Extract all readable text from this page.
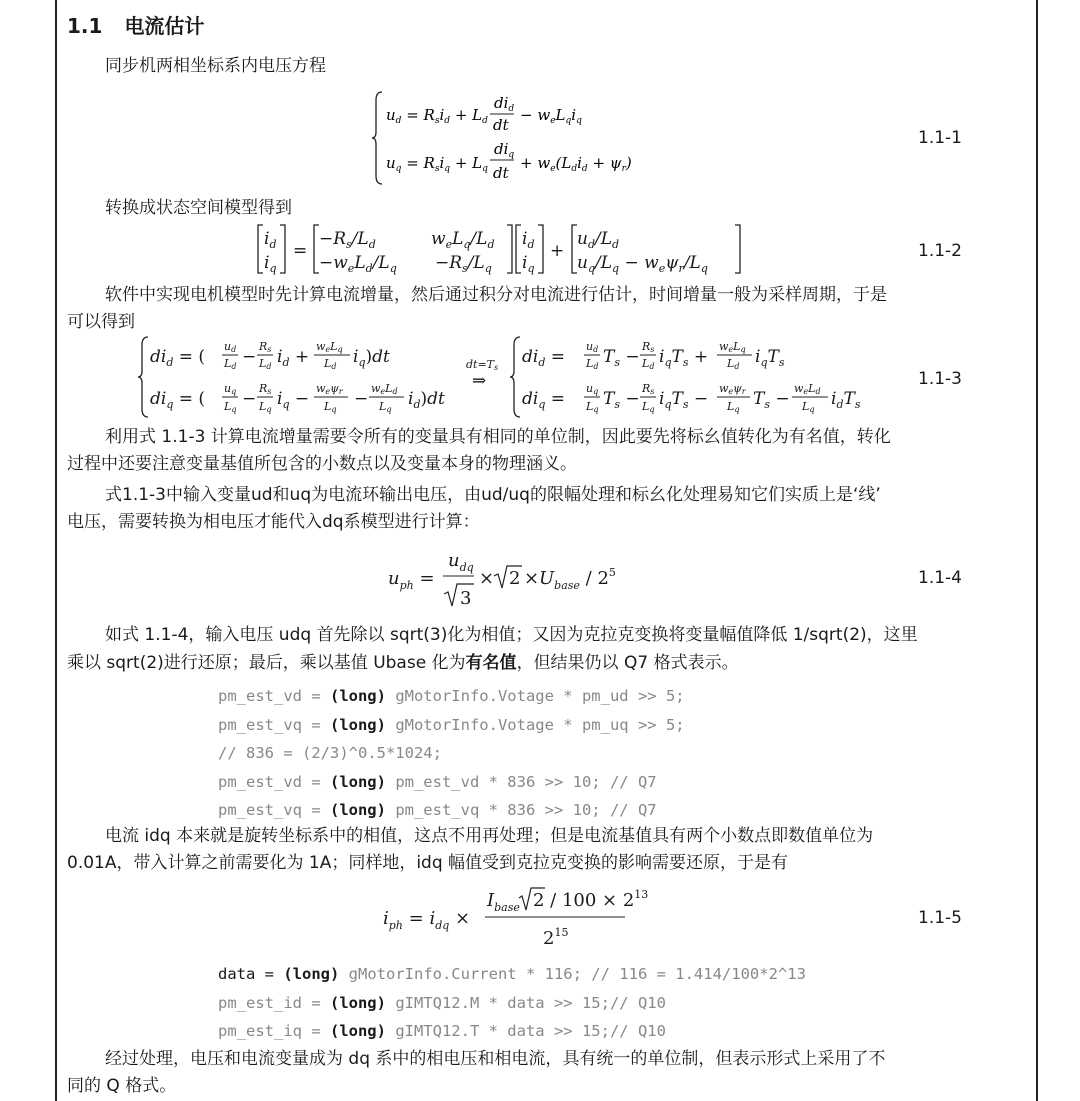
1.1 电流估计
同步机两相坐标系内电压方程
$u_d = R_si_d + L_d$
$di_d$
dt
− $w_eL_qi_q$
$u_q = R_si_q + L_q$
$di_q$
dt
+ $w_e(L_di_d + \psi_r)$
1.1-1
转换成状态空间模型得到
$i_d$
$i_q$
=
$-R_s/L_d$	$w_eL_q/L_d$
$-w_eL_d/L_q -R_s/L_q$
$i_d$
$i_q$
+
$u_d/L_d$
$u_q/L_q - w_e\psi_r/L_q$
1.1-2
软件中实现电机模型时先计算电流增量，然后通过积分对电流进行估计，时间增量一般为采样周期，于是
可以得到
$di_d$ = (
ud
Ld −
Rs
Ld $i_d$ +
weLq
Ld $i_q)dt$
$di_q$ = (
uq
Lq
−
Rs
Lq
$i_q$ −
weψr
Lq
−
weLd
Lq
$i_d)dt$
dt=Ts
⇒
$di_d$ =
ud
Ld $T_s$ −
Rs
Ld $i_qT_s$ +
weLq
Ld $i_qT_s$
$di_q$ =
uq
Lq
$T_s$ −
Rs
Lq
$i_qT_s$ −
weψr
Lq
$T_s$ −
weLd
Lq
$i_dT_s$
1.1-3
利用式 1.1-3 计算电流增量需要令所有的变量具有相同的单位制，因此要先将标幺值转化为有名值，转化
过程中还要注意变量基值所包含的小数点以及变量本身的物理涵义。
式1.1-3中输入变量ud和uq为电流环输出电压，由ud/uq的限幅处理和标幺化处理易知它们实质上是‘线’
电压，需要转换为相电压才能代入dq系模型进行计算：
$u_{ph}$ =
$u_{dq}$
3
× $2 \times U_{base} / 2^5$	1.1-4
如式 1.1-4，输入电压 udq 首先除以 sqrt(3)化为相值；又因为克拉克变换将变量幅值降低 1/sqrt(2)，这里
乘以 sqrt(2)进行还原；最后，乘以基值 Ubase 化为有名值，但结果仍以 Q7 格式表示。
pm_est_vd = (long) gMotorInfo.Votage * pm_ud >> 5;
pm_est_vq = (long) gMotorInfo.Votage * pm_uq >> 5;
// 836 = (2/3)^0.5*1024;
pm_est_vd = (long) pm_est_vd * 836 >> 10; // Q7
pm_est_vq = (long) pm_est_vq * 836 >> 10; // Q7
电流 idq 本来就是旋转坐标系中的相值，这点不用再处理；但是电流基值具有两个小数点即数值单位为
0.01A，带入计算之前需要化为 1A；同样地，idq 幅值受到克拉克变换的影响需要还原，于是有
$i_{ph} = i_{dq}$ ×
$I_{base}$ $2 / 100 \times 2^{13}$
$2^{15}$
1.1-5
data = (long) gMotorInfo.Current * 116; // 116 = 1.414/100*2^13
pm_est_id = (long) gIMTQ12.M * data >> 15;// Q10
pm_est_iq = (long) gIMTQ12.T * data >> 15;// Q10
经过处理，电压和电流变量成为 dq 系中的相电压和相电流，具有统一的单位制，但表示形式上采用了不
同的 Q 格式。
